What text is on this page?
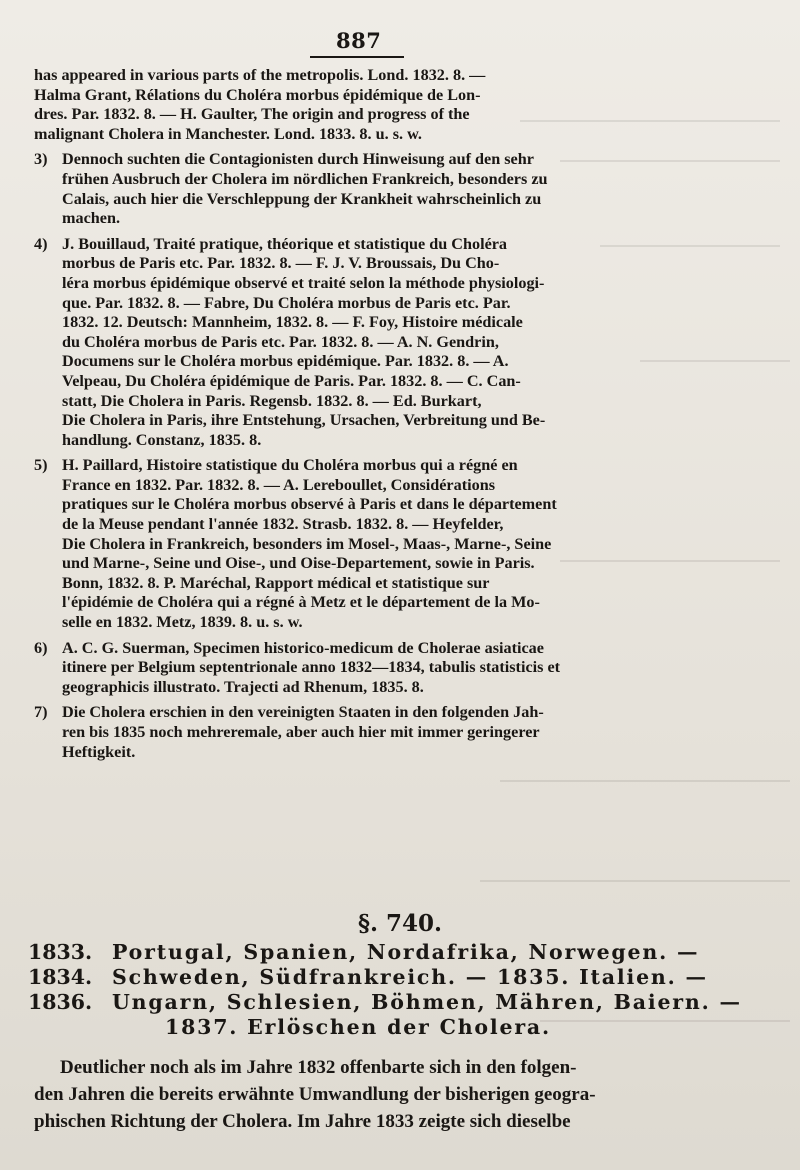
887
has appeared in various parts of the metropolis. Lond. 1832. 8. —
Halma Grant, Rélations du Choléra morbus épidémique de Lon-
dres. Par. 1832. 8. — H. Gaulter, The origin and progress of the
malignant Cholera in Manchester. Lond. 1833. 8. u. s. w.
3) Dennoch suchten die Contagionisten durch Hinweisung auf den sehr
frühen Ausbruch der Cholera im nördlichen Frankreich, besonders zu
Calais, auch hier die Verschleppung der Krankheit wahrscheinlich zu
machen.
4) J. Bouillaud, Traité pratique, théorique et statistique du Choléra
morbus de Paris etc. Par. 1832. 8. — F. J. V. Broussais, Du Cho-
léra morbus épidémique observé et traité selon la méthode physiologi-
que. Par. 1832. 8. — Fabre, Du Choléra morbus de Paris etc. Par.
1832. 12. Deutsch: Mannheim, 1832. 8. — F. Foy, Histoire médicale
du Choléra morbus de Paris etc. Par. 1832. 8. — A. N. Gendrin,
Documens sur le Choléra morbus epidémique. Par. 1832. 8. — A.
Velpeau, Du Choléra épidémique de Paris. Par. 1832. 8. — C. Can-
statt, Die Cholera in Paris. Regensb. 1832. 8. — Ed. Burkart,
Die Cholera in Paris, ihre Entstehung, Ursachen, Verbreitung und Be-
handlung. Constanz, 1835. 8.
5) H. Paillard, Histoire statistique du Choléra morbus qui a régné en
France en 1832. Par. 1832. 8. — A. Lereboullet, Considérations
pratiques sur le Choléra morbus observé à Paris et dans le département
de la Meuse pendant l'année 1832. Strasb. 1832. 8. — Heyfelder,
Die Cholera in Frankreich, besonders im Mosel-, Maas-, Marne-, Seine
und Marne-, Seine und Oise-, und Oise-Departement, sowie in Paris.
Bonn, 1832. 8. P. Maréchal, Rapport médical et statistique sur
l'épidémie de Choléra qui a régné à Metz et le département de la Mo-
selle en 1832. Metz, 1839. 8. u. s. w.
6) A. C. G. Suerman, Specimen historico-medicum de Cholerae asiaticae
itinere per Belgium septentrionale anno 1832—1834, tabulis statisticis et
geographicis illustrato. Trajecti ad Rhenum, 1835. 8.
7) Die Cholera erschien in den vereinigten Staaten in den folgenden Jah-
ren bis 1835 noch mehreremale, aber auch hier mit immer geringerer
Heftigkeit.
§. 740.
1833. Portugal, Spanien, Nordafrika, Norwegen. —
1834. Schweden, Südfrankreich. — 1835. Italien. —
1836. Ungarn, Schlesien, Böhmen, Mähren, Baiern. —
1837. Erlöschen der Cholera.
Deutlicher noch als im Jahre 1832 offenbarte sich in den folgen-
den Jahren die bereits erwähnte Umwandlung der bisherigen geogra-
phischen Richtung der Cholera. Im Jahre 1833 zeigte sich dieselbe
